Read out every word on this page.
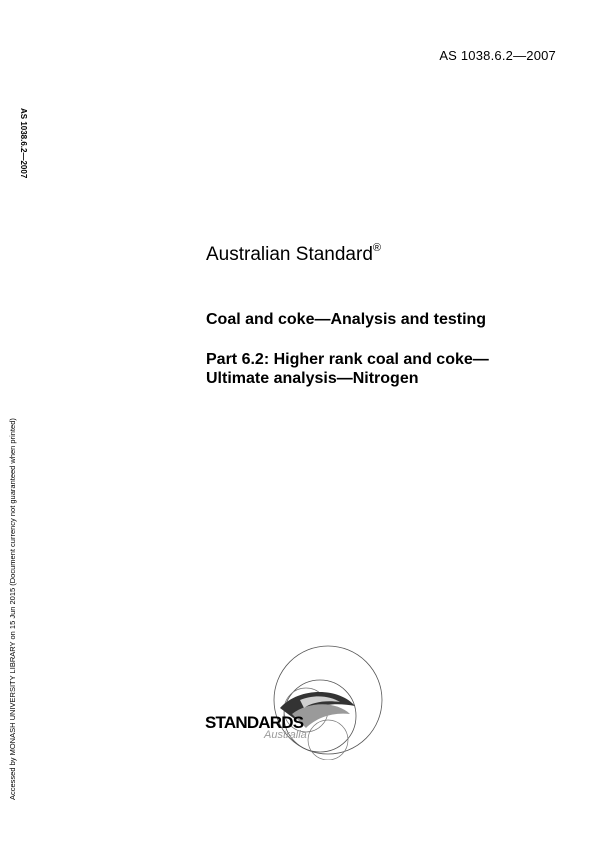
AS 1038.6.2—2007
AS 1038.6.2—2007
Accessed by MONASH UNIVERSITY LIBRARY on 15 Jun 2015 (Document currency not guaranteed when printed)
Australian Standard®
Coal and coke—Analysis and testing
Part 6.2: Higher rank coal and coke—
Ultimate analysis—Nitrogen
STANDARDS
Australia
